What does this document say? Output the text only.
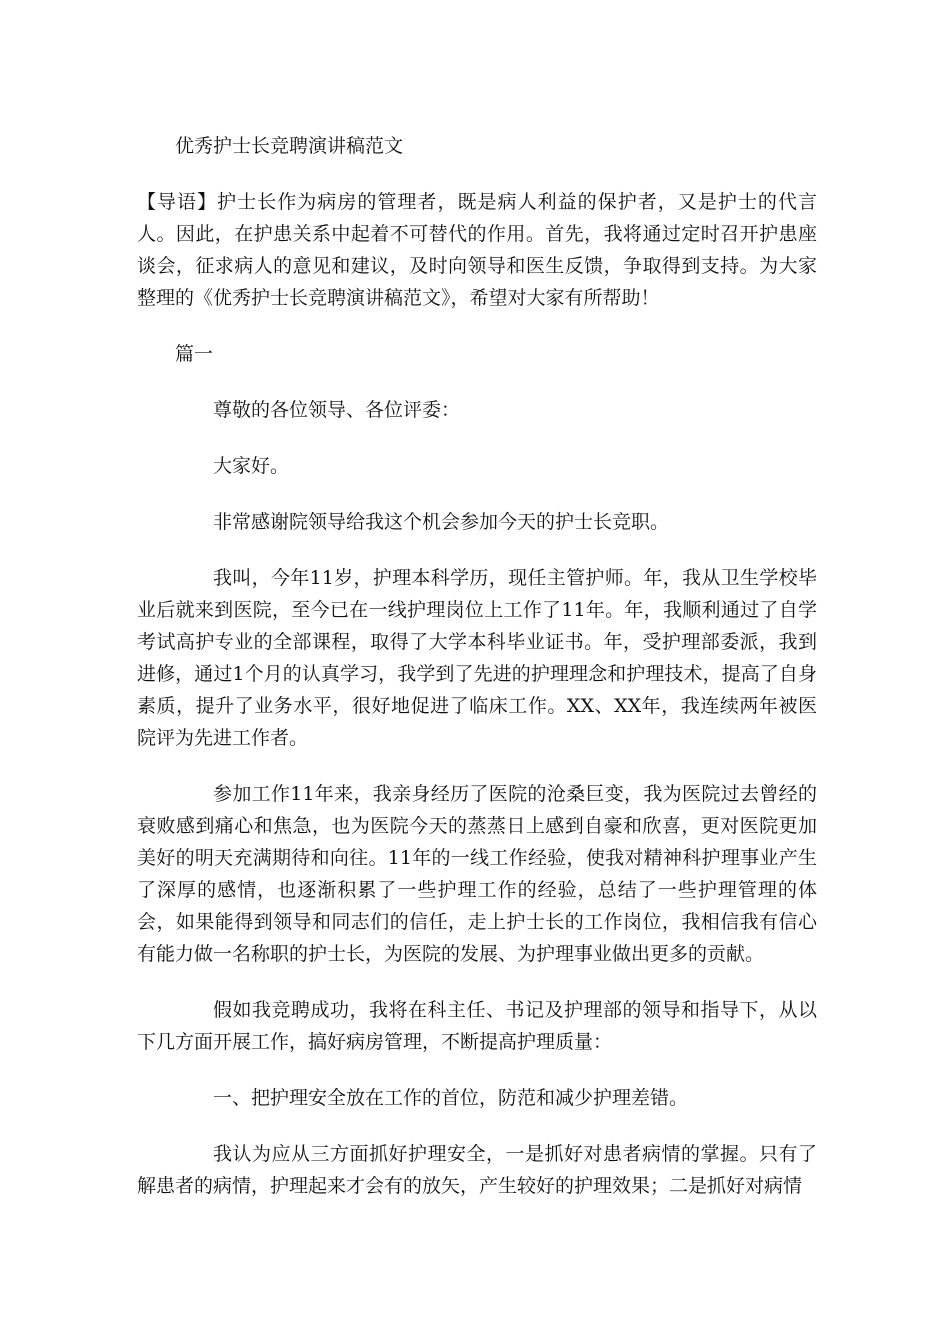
优秀护士长竞聘演讲稿范文

【导语】护士长作为病房的管理者，既是病人利益的保护者，又是护士的代言人。因此，在护患关系中起着不可替代的作用。首先，我将通过定时召开护患座谈会，征求病人的意见和建议，及时向领导和医生反馈，争取得到支持。为大家整理的《优秀护士长竞聘演讲稿范文》，希望对大家有所帮助！

篇一

尊敬的各位领导、各位评委：

大家好。

非常感谢院领导给我这个机会参加今天的护士长竞职。

我叫，今年11岁，护理本科学历，现任主管护师。年，我从卫生学校毕业后就来到医院，至今已在一线护理岗位上工作了11年。年，我顺利通过了自学考试高护专业的全部课程，取得了大学本科毕业证书。年，受护理部委派，我到进修，通过1个月的认真学习，我学到了先进的护理理念和护理技术，提高了自身素质，提升了业务水平，很好地促进了临床工作。XX、XX年，我连续两年被医院评为先进工作者。

参加工作11年来，我亲身经历了医院的沧桑巨变，我为医院过去曾经的衰败感到痛心和焦急，也为医院今天的蒸蒸日上感到自豪和欣喜，更对医院更加美好的明天充满期待和向往。11年的一线工作经验，使我对精神科护理事业产生了深厚的感情，也逐渐积累了一些护理工作的经验，总结了一些护理管理的体会，如果能得到领导和同志们的信任，走上护士长的工作岗位，我相信我有信心有能力做一名称职的护士长，为医院的发展、为护理事业做出更多的贡献。

假如我竞聘成功，我将在科主任、书记及护理部的领导和指导下，从以下几方面开展工作，搞好病房管理，不断提高护理质量：

一、把护理安全放在工作的首位，防范和减少护理差错。

我认为应从三方面抓好护理安全，一是抓好对患者病情的掌握。只有了解患者的病情，护理起来才会有的放矢，产生较好的护理效果；二是抓好对病情
